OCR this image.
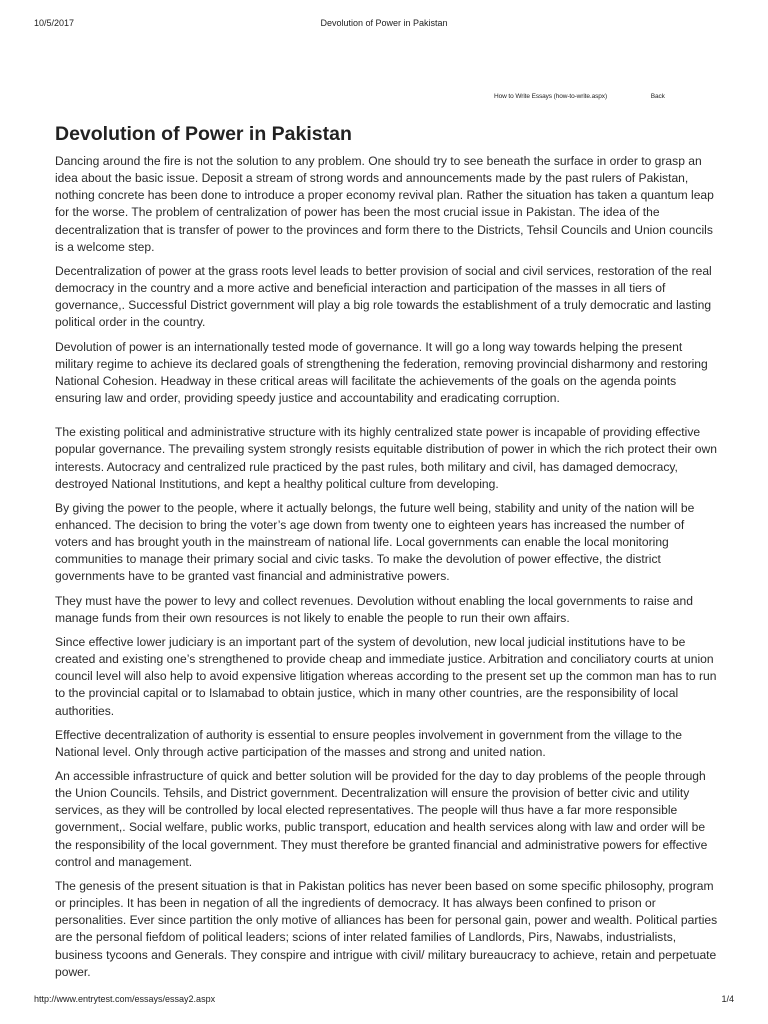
10/5/2017	Devolution of Power in Pakistan
How to Write Essays (how-to-write.aspx)	Back
Devolution of Power in Pakistan

Dancing around the fire is not the solution to any problem. One should try to see beneath the surface in order to grasp an idea about the basic issue. Deposit a stream of strong words and announcements made by the past rulers of Pakistan, nothing concrete has been done to introduce a proper economy revival plan. Rather the situation has taken a quantum leap for the worse. The problem of centralization of power has been the most crucial issue in Pakistan. The idea of the decentralization that is transfer of power to the provinces and form there to the Districts, Tehsil Councils and Union councils is a welcome step.

Decentralization of power at the grass roots level leads to better provision of social and civil services, restoration of the real democracy in the country and a more active and beneficial interaction and participation of the masses in all tiers of governance,. Successful District government will play a big role towards the establishment of a truly democratic and lasting political order in the country.

Devolution of power is an internationally tested mode of governance. It will go a long way towards helping the present military regime to achieve its declared goals of strengthening the federation, removing provincial disharmony and restoring National Cohesion. Headway in these critical areas will facilitate the achievements of the goals on the agenda points ensuring law and order, providing speedy justice and accountability and eradicating corruption.

The existing political and administrative structure with its highly centralized state power is incapable of providing effective popular governance. The prevailing system strongly resists equitable distribution of power in which the rich protect their own interests. Autocracy and centralized rule practiced by the past rules, both military and civil, has damaged democracy, destroyed National Institutions, and kept a healthy political culture from developing.

By giving the power to the people, where it actually belongs, the future well being, stability and unity of the nation will be enhanced. The decision to bring the voter’s age down from twenty one to eighteen years has increased the number of voters and has brought youth in the mainstream of national life. Local governments can enable the local monitoring communities to manage their primary social and civic tasks. To make the devolution of power effective, the district governments have to be granted vast financial and administrative powers.

They must have the power to levy and collect revenues. Devolution without enabling the local governments to raise and manage funds from their own resources is not likely to enable the people to run their own affairs.

Since effective lower judiciary is an important part of the system of devolution, new local judicial institutions have to be created and existing one’s strengthened to provide cheap and immediate justice. Arbitration and conciliatory courts at union council level will also help to avoid expensive litigation whereas according to the present set up the common man has to run to the provincial capital or to Islamabad to obtain justice, which in many other countries, are the responsibility of local authorities.

Effective decentralization of authority is essential to ensure peoples involvement in government from the village to the National level. Only through active participation of the masses and strong and united nation.

An accessible infrastructure of quick and better solution will be provided for the day to day problems of the people through the Union Councils. Tehsils, and District government. Decentralization will ensure the provision of better civic and utility services, as they will be controlled by local elected representatives. The people will thus have a far more responsible government,. Social welfare, public works, public transport, education and health services along with law and order will be the responsibility of the local government. They must therefore be granted financial and administrative powers for effective control and management.

The genesis of the present situation is that in Pakistan politics has never been based on some specific philosophy, program or principles. It has been in negation of all the ingredients of democracy. It has always been confined to prison or personalities. Ever since partition the only motive of alliances has been for personal gain, power and wealth. Political parties are the personal fiefdom of political leaders; scions of inter related families of Landlords, Pirs, Nawabs, industrialists, business tycoons and Generals. They conspire and intrigue with civil/ military bureaucracy to achieve, retain and perpetuate power.

http://www.entrytest.com/essays/essay2.aspx	1/4
